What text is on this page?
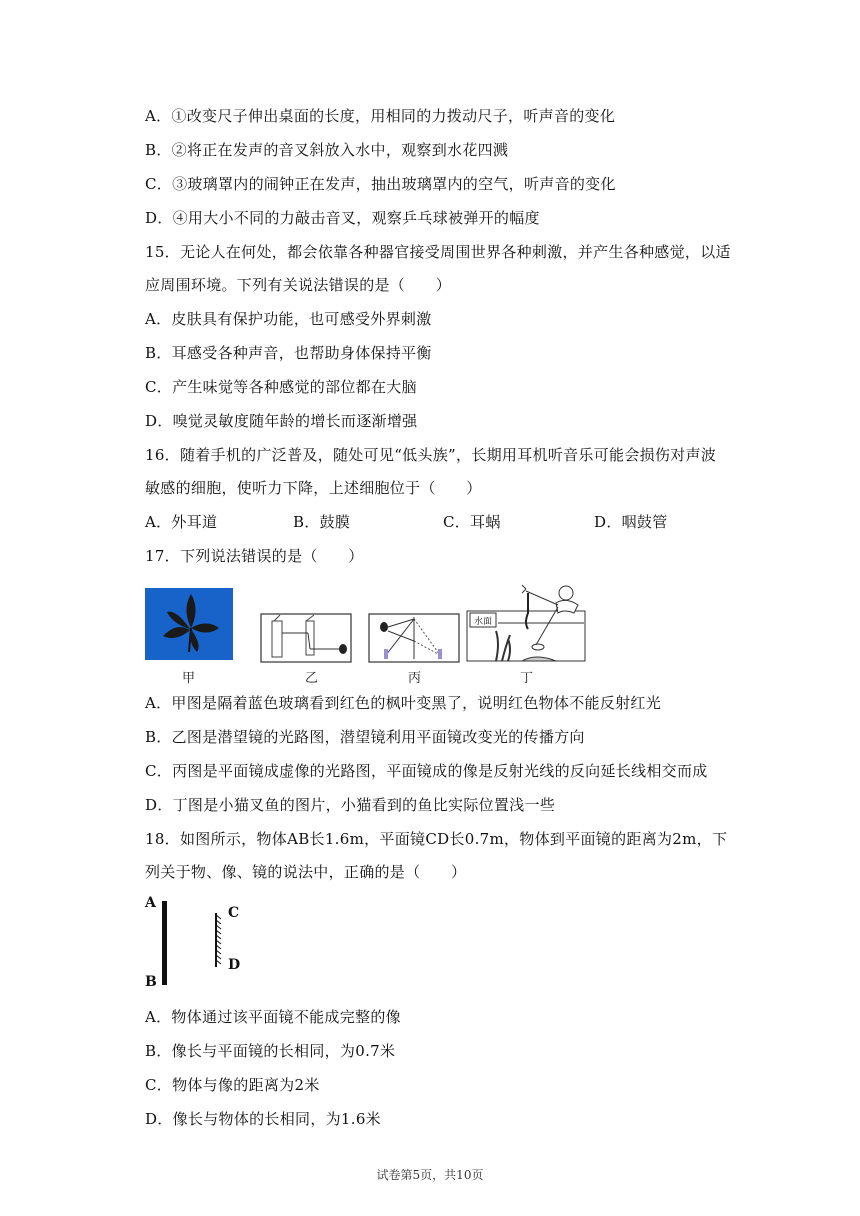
A．①改变尺子伸出桌面的长度，用相同的力拨动尺子，听声音的变化
B．②将正在发声的音叉斜放入水中，观察到水花四溅
C．③玻璃罩内的闹钟正在发声，抽出玻璃罩内的空气，听声音的变化
D．④用大小不同的力敲击音叉，观察乒乓球被弹开的幅度
15．无论人在何处，都会依靠各种器官接受周围世界各种刺激，并产生各种感觉，以适
应周围环境。下列有关说法错误的是（　　）
A．皮肤具有保护功能，也可感受外界刺激
B．耳感受各种声音，也帮助身体保持平衡
C．产生味觉等各种感觉的部位都在大脑
D．嗅觉灵敏度随年龄的增长而逐渐增强
16．随着手机的广泛普及，随处可见“低头族”，长期用耳机听音乐可能会损伤对声波
敏感的细胞，使听力下降，上述细胞位于（　　）
A．外耳道	B．鼓膜	C．耳蜗	D．咽鼓管
17．下列说法错误的是（　　）
甲	乙	丙
水面
丁
A．甲图是隔着蓝色玻璃看到红色的枫叶变黑了，说明红色物体不能反射红光
B．乙图是潜望镜的光路图，潜望镜利用平面镜改变光的传播方向
C．丙图是平面镜成虚像的光路图，平面镜成的像是反射光线的反向延长线相交而成
D．丁图是小猫叉鱼的图片，小猫看到的鱼比实际位置浅一些
18．如图所示，物体AB长1.6m，平面镜CD长0.7m，物体到平面镜的距离为2m，下
列关于物、像、镜的说法中，正确的是（　　）
A
B
C
D
A．物体通过该平面镜不能成完整的像
B．像长与平面镜的长相同，为0.7米
C．物体与像的距离为2米
D．像长与物体的长相同，为1.6米
试卷第5页，共10页
